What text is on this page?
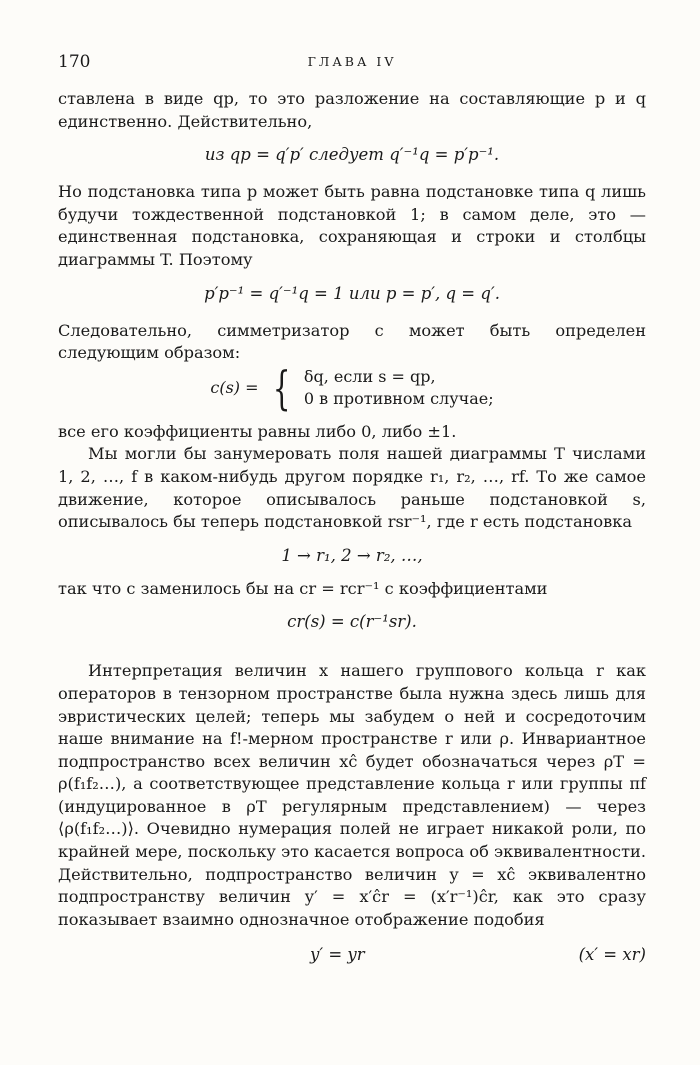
170	ГЛАВА IV

ставлена в виде qp, то это разложение на составляющие p и q единственно. Действительно,

из qp = q′p′ следует q′⁻¹q = p′p⁻¹.

Но подстановка типа p может быть равна подстановке типа q лишь будучи тождественной подстановкой 1; в самом деле, это — единственная подстановка, сохраняющая и строки и столбцы диаграммы T. Поэтому

p′p⁻¹ = q′⁻¹q = 1 или p = p′, q = q′.

Следовательно, симметризатор c может быть определен следующим образом:

c(s) = { δq, если s = qp,
0 в противном случае;

все его коэффициенты равны либо 0, либо ±1.

Мы могли бы занумеровать поля нашей диаграммы T числами 1, 2, …, f в каком-нибудь другом порядке r₁, r₂, …, rf. То же самое движение, которое описывалось раньше подстановкой s, описывалось бы теперь подстановкой rsr⁻¹, где r есть подстановка

1 → r₁, 2 → r₂, …,

так что c заменилось бы на cr = rcr⁻¹ с коэффициентами

cr(s) = c(r⁻¹sr).

Интерпретация величин x нашего группового кольца r как операторов в тензорном пространстве была нужна здесь лишь для эвристических целей; теперь мы забудем о ней и сосредоточим наше внимание на f!-мерном пространстве r или ρ. Инвариантное подпространство всех величин xĉ будет обозначаться через ρT = ρ(f₁f₂…), а соответствующее представление кольца r или группы πf (индуцированное в ρT регулярным представлением) — через ⟨ρ(f₁f₂…)⟩. Очевидно нумерация полей не играет никакой роли, по крайней мере, поскольку это касается вопроса об эквивалентности. Действительно, подпространство величин y = xĉ эквивалентно подпространству величин y′ = x′ĉr = (x′r⁻¹)ĉr, как это сразу показывает взаимно однозначное отображение подобия

y′ = yr	(x′ = xr)
